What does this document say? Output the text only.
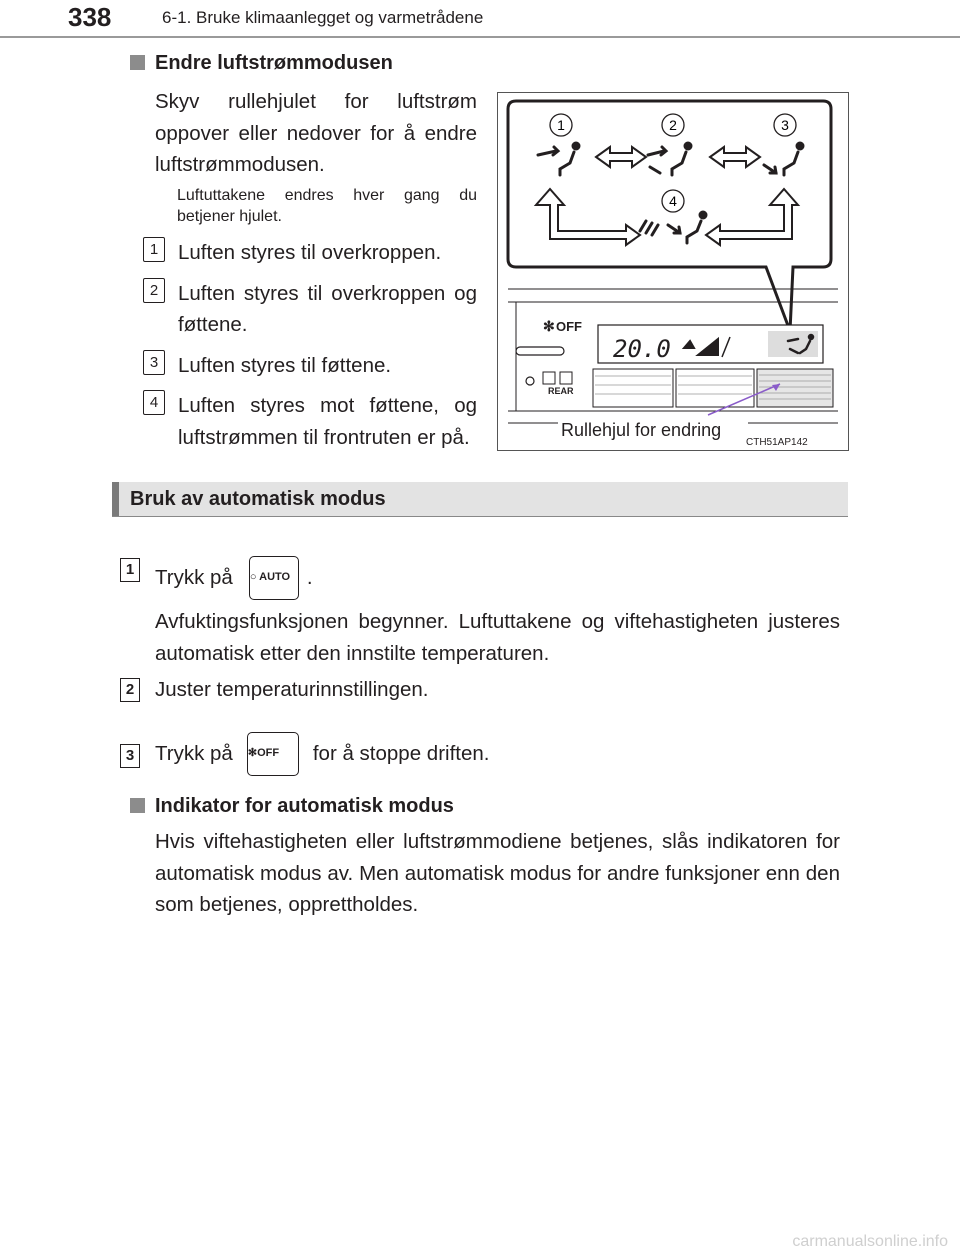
338	6-1. Bruke klimaanlegget og varmetrådene
Endre luftstrømmodusen
Skyv rullehjulet for luftstrøm oppover eller nedover for å endre luftstrømmodusen.
Luftuttakene endres hver gang du betjener hjulet.
1 Luften styres til overkroppen.
2 Luften styres til overkroppen og føttene.
3 Luften styres til føttene.
4 Luften styres mot føttene, og luftstrømmen til frontruten er på.
1	2	3
4
✻ OFF
20.0
REAR
Rullehjul for endring
CTH51AP142
Bruk av automatisk modus
1 Trykk på ○ AUTO .
Avfuktingsfunksjonen begynner. Luftuttakene og viftehastigheten justeres automatisk etter den innstilte temperaturen.
2 Juster temperaturinnstillingen.
3 Trykk på ✻OFF	for å stoppe driften.
Indikator for automatisk modus
Hvis viftehastigheten eller luftstrømmodiene betjenes, slås indikatoren for automatisk modus av. Men automatisk modus for andre funksjoner enn den som betjenes, opprettholdes.
carmanualsonline.info
